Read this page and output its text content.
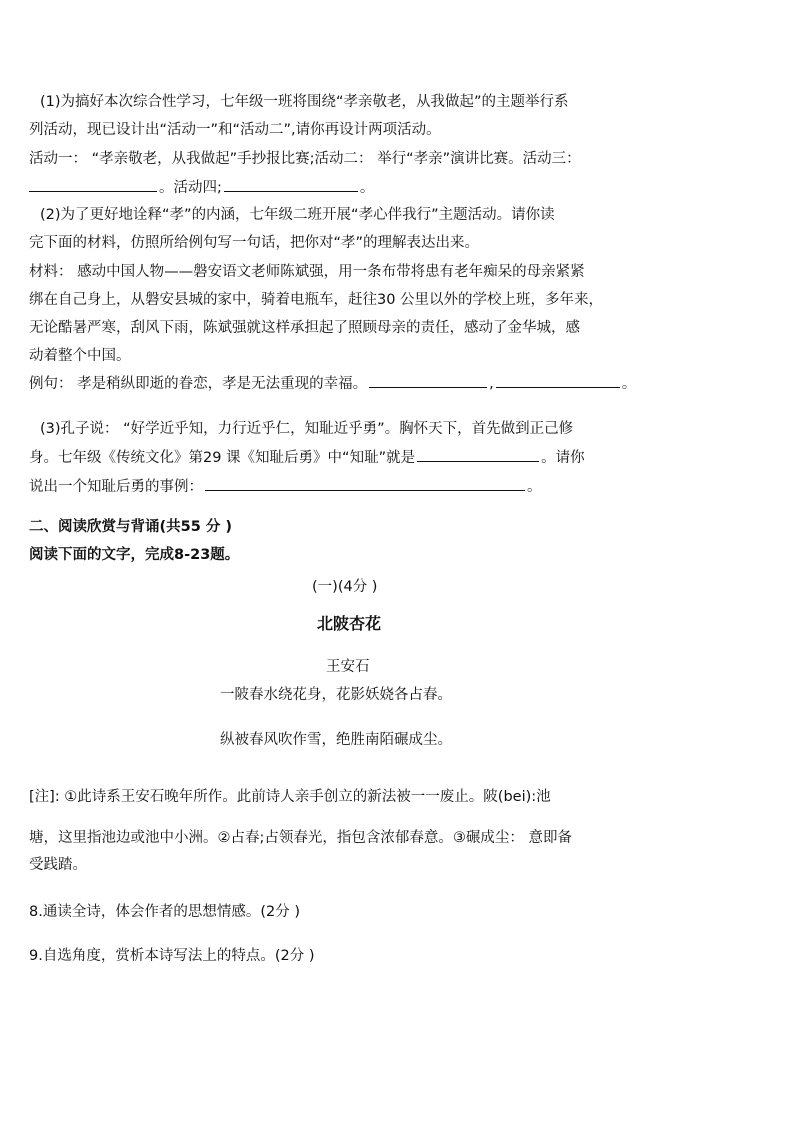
(1)为搞好本次综合性学习，七年级一班将围绕“孝亲敬老，从我做起”的主题举行系
列活动，现已设计出“活动一”和“活动二”,请你再设计两项活动。
活动一： “孝亲敬老，从我做起”手抄报比赛;活动二： 举行“孝亲”演讲比赛。活动三：
。活动四;	。
(2)为了更好地诠释“孝”的内涵，七年级二班开展“孝心伴我行”主题活动。请你读
完下面的材料，仿照所给例句写一句话，把你对“孝”的理解表达出来。
材料： 感动中国人物——磐安语文老师陈斌强，用一条布带将患有老年痴呆的母亲紧紧
绑在自己身上，从磐安县城的家中，骑着电瓶车，赶往30 公里以外的学校上班，多年来，
无论酷暑严寒，刮风下雨，陈斌强就这样承担起了照顾母亲的责任，感动了金华城，感
动着整个中国。
例句： 孝是稍纵即逝的眷恋，孝是无法重现的幸福。	,	。
(3)孔子说： “好学近乎知，力行近乎仁，知耻近乎勇”。胸怀天下，首先做到正己修
身。七年级《传统文化》第29 课《知耻后勇》中“知耻”就是	。请你
说出一个知耻后勇的事例：	。
二、阅读欣赏与背诵(共55 分 )
阅读下面的文字，完成8-23题。
(一)(4分 )
北陂杏花
王安石
一陂春水绕花身，花影妖娆各占春。
纵被春风吹作雪，绝胜南陌碾成尘。
[注]: ①此诗系王安石晚年所作。此前诗人亲手创立的新法被一一废止。陂(bei):池
塘，这里指池边或池中小洲。②占春;占领春光，指包含浓郁春意。③碾成尘： 意即备
受践踏。
8.通读全诗，体会作者的思想情感。(2分 )
9.自选角度，赏析本诗写法上的特点。(2分 )
